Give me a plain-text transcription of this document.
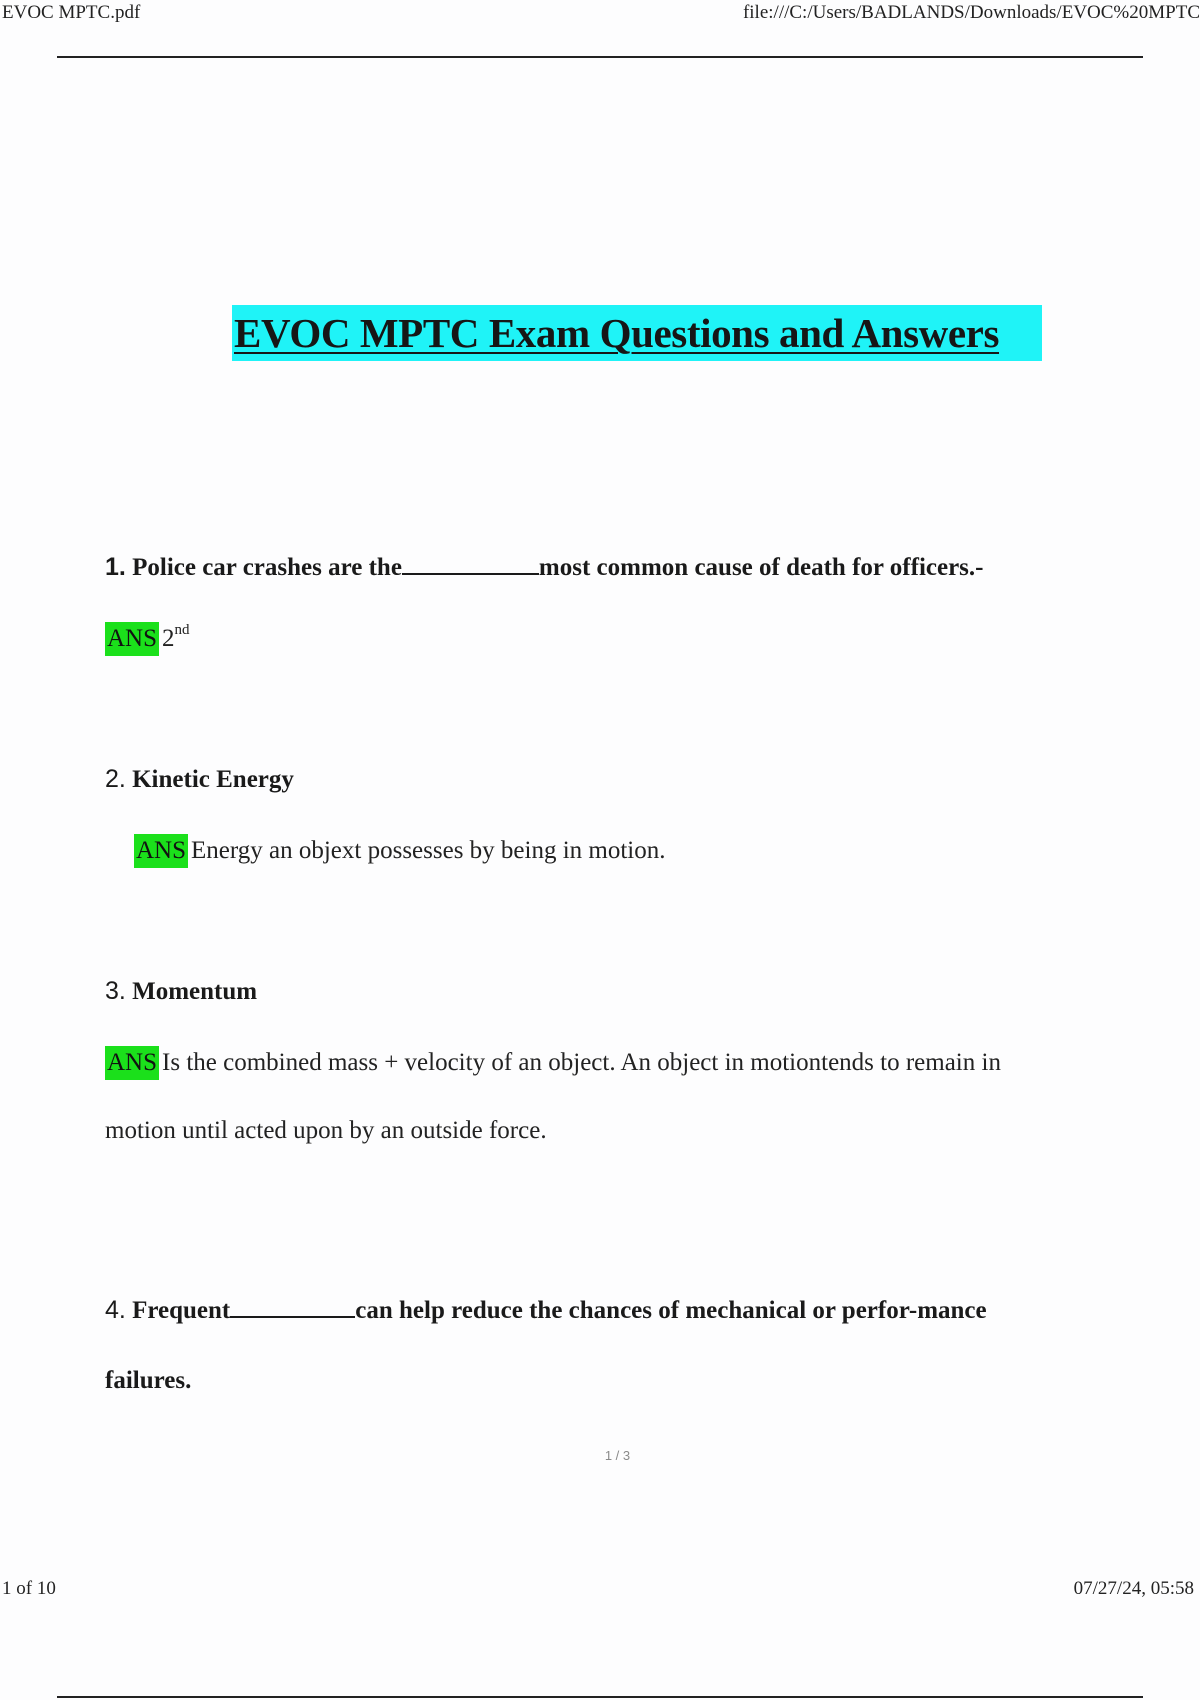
EVOC MPTC.pdf	file:///C:/Users/BADLANDS/Downloads/EVOC%20MPTC
EVOC MPTC Exam Questions and Answers
1. Police car crashes are the	most common cause of death for officers.-
ANS 2nd
2. Kinetic Energy
ANS Energy an objext possesses by being in motion.
3. Momentum
ANS Is the combined mass + velocity of an object. An object in motiontends to remain in
motion until acted upon by an outside force.
4. Frequent	can help reduce the chances of mechanical or perfor-mance
failures.
1 / 3
1 of 10	07/27/24, 05:58
